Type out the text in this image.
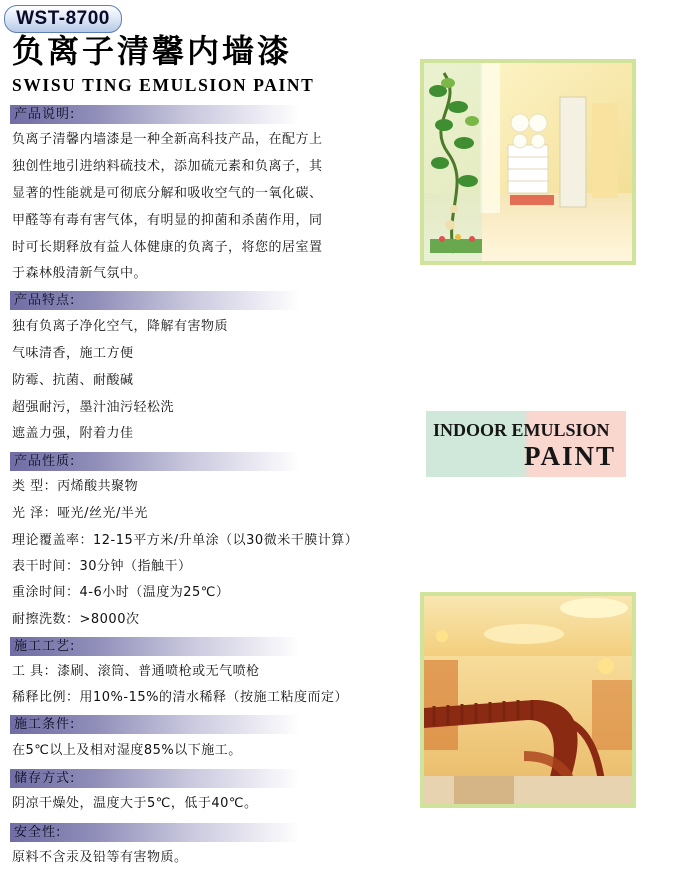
WST-8700
负离子清馨内墙漆
SWISU TING EMULSION PAINT
产品说明:

负离子清馨内墙漆是一种全新高科技产品，在配方上

独创性地引进纳料硫技术，添加硫元素和负离子，其

显著的性能就是可彻底分解和吸收空气的一氧化碳、

甲醛等有毒有害气体，有明显的抑菌和杀菌作用，同

时可长期释放有益人体健康的负离子，将您的居室置

于森林般清新气氛中。

产品特点:

独有负离子净化空气，降解有害物质

气味清香，施工方便

防霉、抗菌、耐酸碱

超强耐污，墨汁油污轻松洗

遮盖力强，附着力佳

产品性质:

类 型：丙烯酸共聚物

光 泽：哑光/丝光/半光

理论覆盖率：12-15平方米/升单涂（以30微米干膜计算）

表干时间：30分钟（指触干）

重涂时间：4-6小时（温度为25℃）

耐擦洗数：>8000次

施工工艺:

工 具：漆刷、滚筒、普通喷枪或无气喷枪

稀释比例：用10%-15%的清水稀释（按施工粘度而定）

施工条件:

在5℃以上及相对湿度85%以下施工。

储存方式:

阴凉干燥处，温度大于5℃，低于40℃。

安全性:

原料不含汞及铅等有害物质。

INDOOR EMULSION

PAINT
